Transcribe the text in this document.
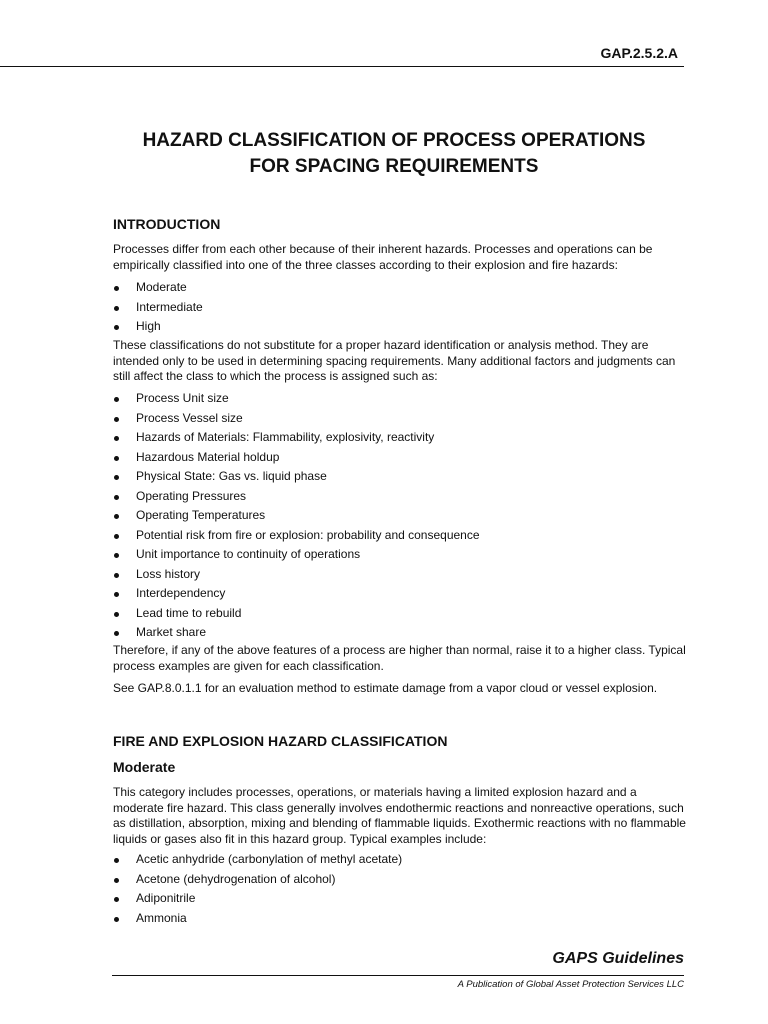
GAP.2.5.2.A
HAZARD CLASSIFICATION OF PROCESS OPERATIONS
FOR SPACING REQUIREMENTS
INTRODUCTION

Processes differ from each other because of their inherent hazards. Processes and operations can be empirically classified into one of the three classes according to their explosion and fire hazards:

Moderate
Intermediate
High

These classifications do not substitute for a proper hazard identification or analysis method. They are intended only to be used in determining spacing requirements. Many additional factors and judgments can still affect the class to which the process is assigned such as:

Process Unit size
Process Vessel size
Hazards of Materials: Flammability, explosivity, reactivity
Hazardous Material holdup
Physical State: Gas vs. liquid phase
Operating Pressures
Operating Temperatures
Potential risk from fire or explosion: probability and consequence
Unit importance to continuity of operations
Loss history
Interdependency
Lead time to rebuild
Market share

Therefore, if any of the above features of a process are higher than normal, raise it to a higher class. Typical process examples are given for each classification.

See GAP.8.0.1.1 for an evaluation method to estimate damage from a vapor cloud or vessel explosion.

FIRE AND EXPLOSION HAZARD CLASSIFICATION
Moderate

This category includes processes, operations, or materials having a limited explosion hazard and a moderate fire hazard. This class generally involves endothermic reactions and nonreactive operations, such as distillation, absorption, mixing and blending of flammable liquids. Exothermic reactions with no flammable liquids or gases also fit in this hazard group. Typical examples include:

Acetic anhydride (carbonylation of methyl acetate)
Acetone (dehydrogenation of alcohol)
Adiponitrile
Ammonia
GAPS Guidelines
A Publication of Global Asset Protection Services LLC
